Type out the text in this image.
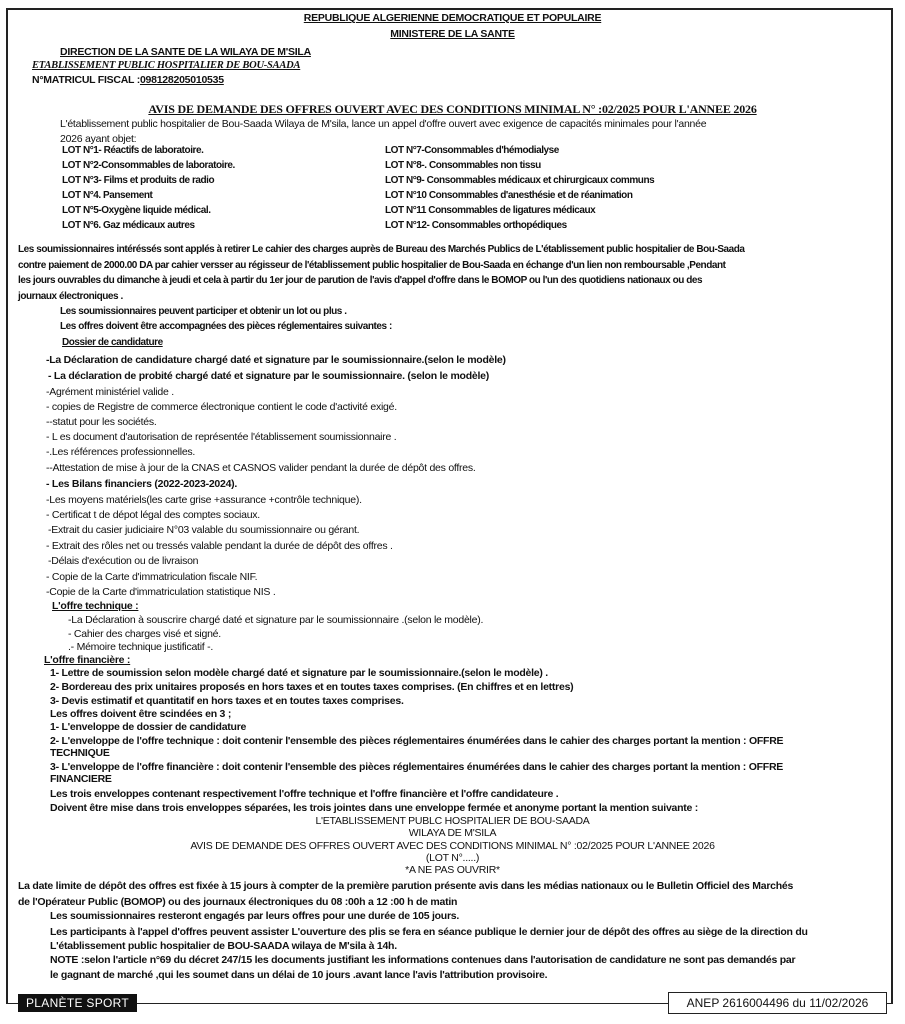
REPUBLIQUE ALGERIENNE DEMOCRATIQUE ET POPULAIRE
MINISTERE DE LA SANTE
DIRECTION DE LA SANTE DE LA WILAYA DE M'SILA
ETABLISSEMENT PUBLIC HOSPITALIER DE BOU-SAADA
N°MATRICUL FISCAL :098128205010535
AVIS DE DEMANDE DES OFFRES OUVERT AVEC DES CONDITIONS MINIMAL N° :02/2025 POUR L'ANNEE 2026
L'établissement public hospitalier de Bou-Saada Wilaya de M'sila, lance un appel d'offre ouvert avec exigence de capacités minimales pour l'année
2026 ayant objet:
LOT N°1- Réactifs de laboratoire.	LOT N°7-Consommables d'hémodialyse
LOT N°2-Consommables de laboratoire.	LOT N°8-. Consommables non tissu
LOT N°3- Films et produits de radio	LOT N°9- Consommables médicaux et chirurgicaux communs
LOT N°4. Pansement	LOT N°10 Consommables d'anesthésie et de réanimation
LOT N°5-Oxygène liquide médical.	LOT N°11 Consommables de ligatures médicaux
LOT N°6. Gaz médicaux autres	LOT N°12- Consommables orthopédiques
Les soumissionnaires intéréssés sont applés à retirer Le cahier des charges auprès de Bureau des Marchés Publics de L'établissement public hospitalier de Bou-Saada
contre paiement de 2000.00 DA par cahier versser au régisseur de l'établissement public hospitalier de Bou-Saada en échange d'un lien non remboursable ,Pendant
les jours ouvrables du dimanche à jeudi et cela à partir du 1er jour de parution de l'avis d'appel d'offre dans le BOMOP ou l'un des quotidiens nationaux ou des
journaux électroniques .
Les soumissionnaires peuvent participer et obtenir un lot ou plus .
Les offres doivent être accompagnées des pièces réglementaires suivantes :
Dossier de candidature
-La Déclaration de candidature chargé daté et signature par le soumissionnaire.(selon le modèle)
- La déclaration de probité chargé daté et signature par le soumissionnaire. (selon le modèle)
-Agrément ministériel valide .
- copies de Registre de commerce électronique contient le code d'activité exigé.
--statut pour les sociétés.
- L es document d'autorisation de représentée l'établissement soumissionnaire .
-.Les références professionnelles.
--Attestation de mise à jour de la CNAS et CASNOS valider pendant la durée de dépôt des offres.
- Les Bilans financiers (2022-2023-2024).
-Les moyens matériels(les carte grise +assurance +contrôle technique).
- Certificat t de dépot légal des comptes sociaux.
-Extrait du casier judiciaire N°03 valable du soumissionnaire ou gérant.
- Extrait des rôles net ou tressés valable pendant la durée de dépôt des offres .
-Délais d'exécution ou de livraison
- Copie de la Carte d'immatriculation fiscale NIF.
-Copie de la Carte d'immatriculation statistique NIS .
L'offre technique :
-La Déclaration à souscrire chargé daté et signature par le soumissionnaire .(selon le modèle).
- Cahier des charges visé et signé.
.- Mémoire technique justificatif -.
L'offre financière :
1- Lettre de soumission selon modèle chargé daté et signature par le soumissionnaire.(selon le modèle) .
2- Bordereau des prix unitaires proposés en hors taxes et en toutes taxes comprises. (En chiffres et en lettres)
3- Devis estimatif et quantitatif en hors taxes et en toutes taxes comprises.
Les offres doivent être scindées en 3 ;
1- L'enveloppe de dossier de candidature
2- L'enveloppe de l'offre technique : doit contenir l'ensemble des pièces réglementaires énumérées dans le cahier des charges portant la mention : OFFRE
TECHNIQUE
3- L'enveloppe de l'offre financière : doit contenir l'ensemble des pièces réglementaires énumérées dans le cahier des charges portant la mention : OFFRE
FINANCIERE
Les trois enveloppes contenant respectivement l'offre technique et l'offre financière et l'offre candidateure .
Doivent être mise dans trois enveloppes séparées, les trois jointes dans une enveloppe fermée et anonyme portant la mention suivante :
L'ETABLISSEMENT PUBLC HOSPITALIER DE BOU-SAADA
WILAYA DE M'SILA
AVIS DE DEMANDE DES OFFRES OUVERT AVEC DES CONDITIONS MINIMAL N° :02/2025 POUR L'ANNEE 2026
(LOT N°.....)
*A NE PAS OUVRIR*
La date limite de dépôt des offres est fixée à 15 jours à compter de la première parution présente avis dans les médias nationaux ou le Bulletin Officiel des Marchés
de l'Opérateur Public (BOMOP) ou des journaux électroniques du 08 :00h a 12 :00 h de matin
Les soumissionnaires resteront engagés par leurs offres pour une durée de 105 jours.
Les participants à l'appel d'offres peuvent assister L'ouverture des plis se fera en séance publique le dernier jour de dépôt des offres au siège de la direction du
L'établissement public hospitalier de BOU-SAADA wilaya de M'sila à 14h.
NOTE :selon l'article n°69 du décret 247/15 les documents justifiant les informations contenues dans l'autorisation de candidature ne sont pas demandés par
le gagnant de marché ,qui les soumet dans un délai de 10 jours .avant lance l'avis l'attribution provisoire.
PLANÈTE SPORT	ANEP 2616004496 du 11/02/2026
